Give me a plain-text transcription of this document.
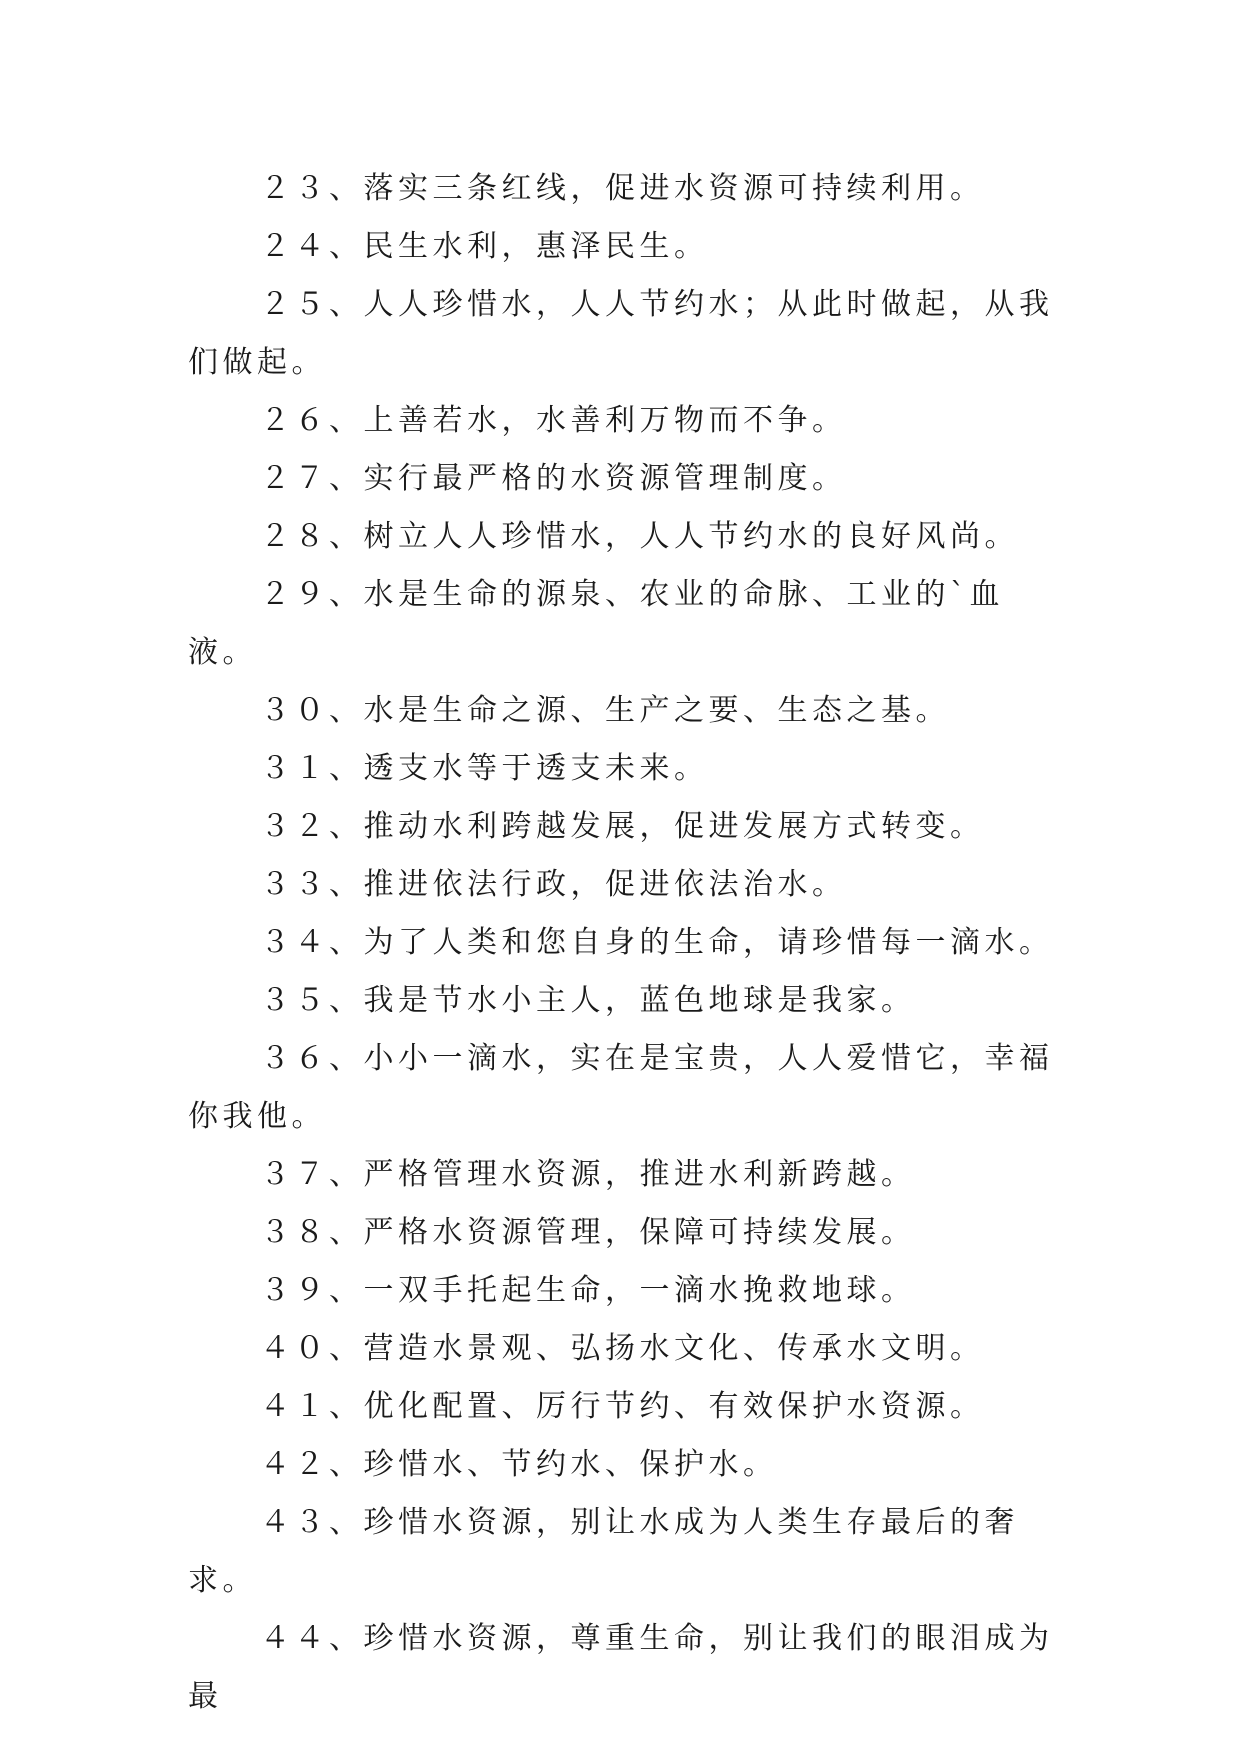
２３、落实三条红线，促进水资源可持续利用。

２４、民生水利，惠泽民生。

２５、人人珍惜水，人人节约水；从此时做起，从我们做起。

２６、上善若水，水善利万物而不争。

２７、实行最严格的水资源管理制度。

２８、树立人人珍惜水，人人节约水的良好风尚。

２９、水是生命的源泉、农业的命脉、工业的`血液。

３０、水是生命之源、生产之要、生态之基。

３１、透支水等于透支未来。

３２、推动水利跨越发展，促进发展方式转变。

３３、推进依法行政，促进依法治水。

３４、为了人类和您自身的生命，请珍惜每一滴水。

３５、我是节水小主人，蓝色地球是我家。

３６、小小一滴水，实在是宝贵，人人爱惜它，幸福你我他。

３７、严格管理水资源，推进水利新跨越。

３８、严格水资源管理，保障可持续发展。

３９、一双手托起生命，一滴水挽救地球。

４０、营造水景观、弘扬水文化、传承水文明。

４１、优化配置、厉行节约、有效保护水资源。

４２、珍惜水、节约水、保护水。

４３、珍惜水资源，别让水成为人类生存最后的奢求。

４４、珍惜水资源，尊重生命，别让我们的眼泪成为最
